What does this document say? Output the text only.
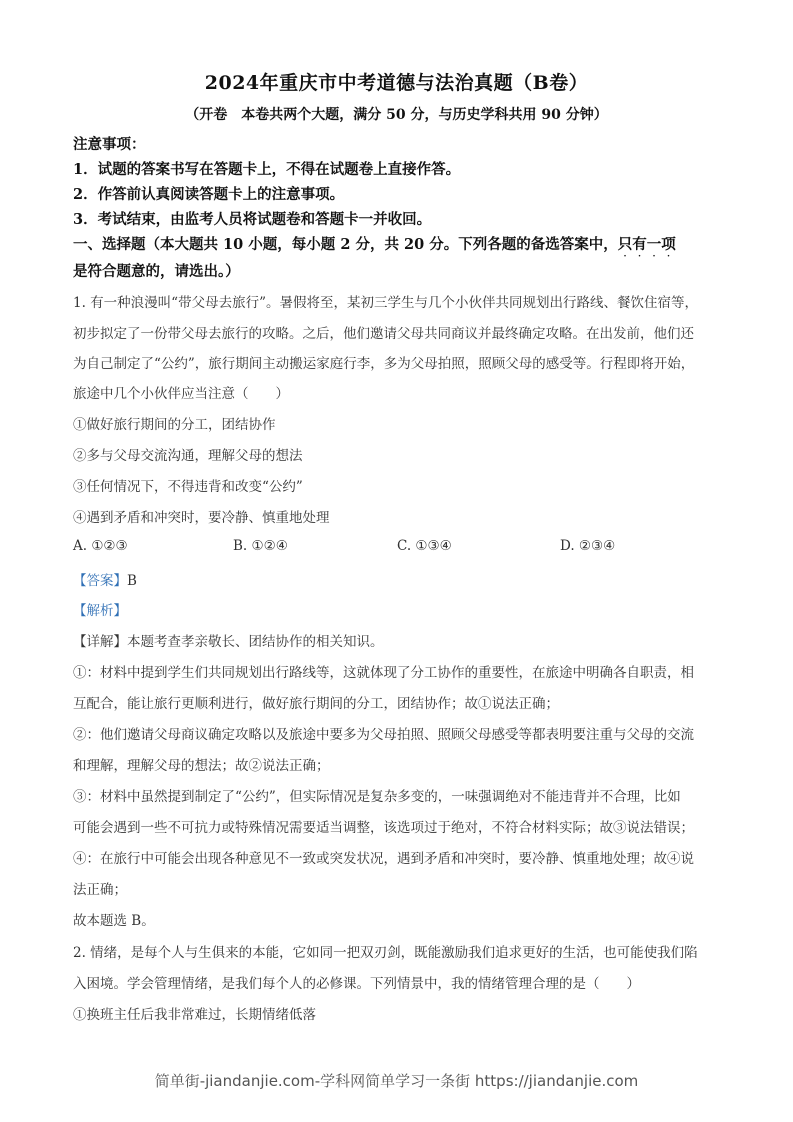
2024年重庆市中考道德与法治真题（B卷）
（开卷　本卷共两个大题，满分 50 分，与历史学科共用 90 分钟）
注意事项：
1．试题的答案书写在答题卡上，不得在试题卷上直接作答。
2．作答前认真阅读答题卡上的注意事项。
3．考试结束，由监考人员将试题卷和答题卡一并收回。
一、选择题（本大题共 10 小题，每小题 2 分，共 20 分。下列各题的备选答案中，只有一项
是符合题意的，请选出。）
1. 有一种浪漫叫“带父母去旅行”。暑假将至，某初三学生与几个小伙伴共同规划出行路线、餐饮住宿等，
初步拟定了一份带父母去旅行的攻略。之后，他们邀请父母共同商议并最终确定攻略。在出发前，他们还
为自己制定了“公约”，旅行期间主动搬运家庭行李，多为父母拍照，照顾父母的感受等。行程即将开始，
旅途中几个小伙伴应当注意（　　）
①做好旅行期间的分工，团结协作
②多与父母交流沟通，理解父母的想法
③任何情况下，不得违背和改变“公约”
④遇到矛盾和冲突时，要冷静、慎重地处理
A. ①②③	B. ①②④	C. ①③④	D. ②③④
【答案】B
【解析】
【详解】本题考查孝亲敬长、团结协作的相关知识。
①：材料中提到学生们共同规划出行路线等，这就体现了分工协作的重要性，在旅途中明确各自职责，相
互配合，能让旅行更顺利进行，做好旅行期间的分工，团结协作；故①说法正确；
②：他们邀请父母商议确定攻略以及旅途中要多为父母拍照、照顾父母感受等都表明要注重与父母的交流
和理解，理解父母的想法；故②说法正确；
③：材料中虽然提到制定了“公约”，但实际情况是复杂多变的，一味强调绝对不能违背并不合理，比如
可能会遇到一些不可抗力或特殊情况需要适当调整，该选项过于绝对，不符合材料实际；故③说法错误；
④：在旅行中可能会出现各种意见不一致或突发状况，遇到矛盾和冲突时，要冷静、慎重地处理；故④说
法正确；
故本题选 B。
2. 情绪，是每个人与生俱来的本能，它如同一把双刃剑，既能激励我们追求更好的生活，也可能使我们陷
入困境。学会管理情绪，是我们每个人的必修课。下列情景中，我的情绪管理合理的是（　　）
①换班主任后我非常难过，长期情绪低落
简单街-jiandanjie.com-学科网简单学习一条街 https://jiandanjie.com
